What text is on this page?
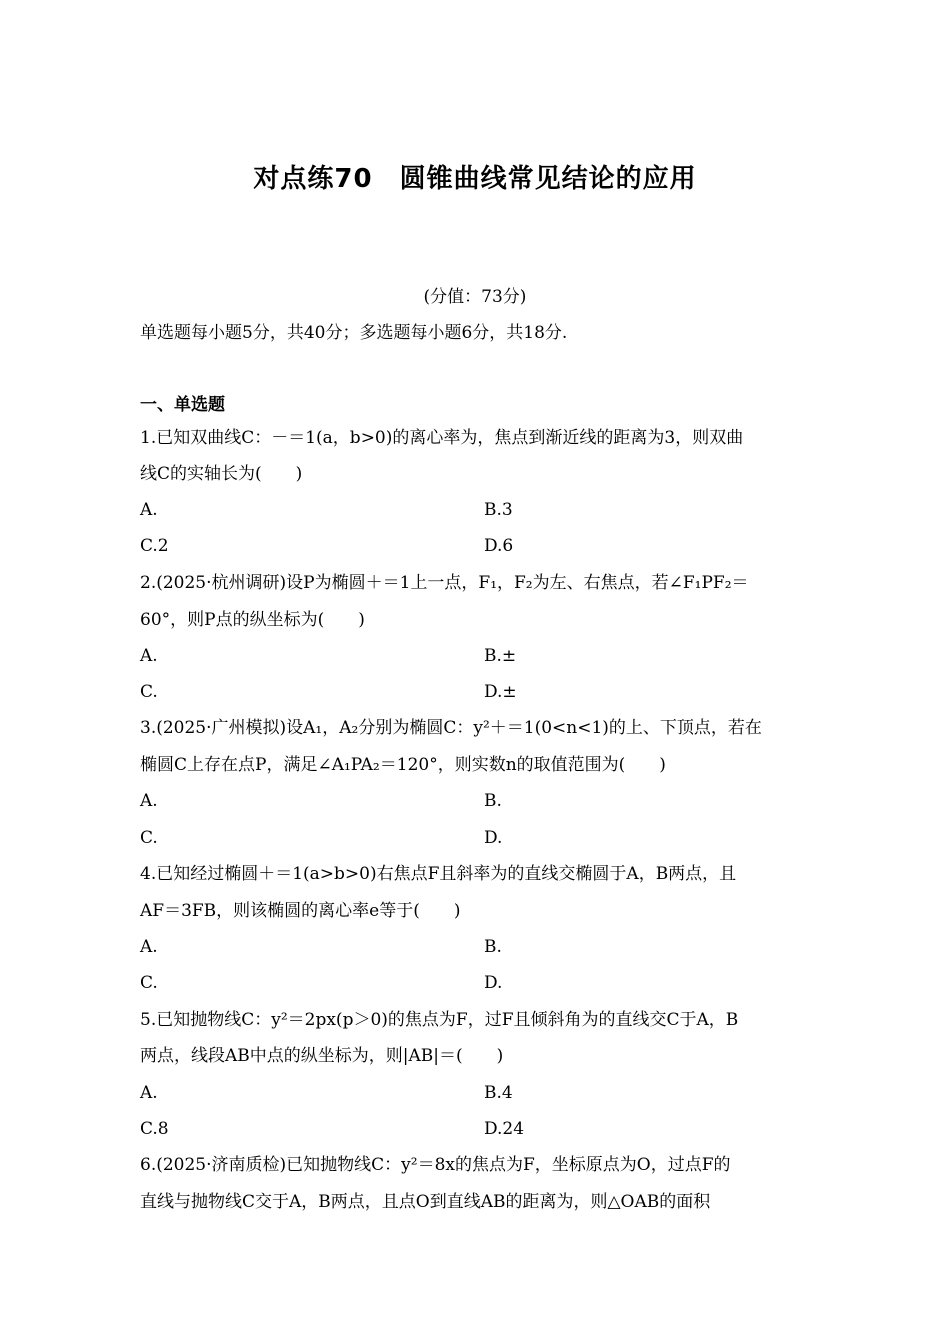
对点练70　圆锥曲线常见结论的应用
(分值：73分)
单选题每小题5分，共40分；多选题每小题6分，共18分.
一、单选题
1.已知双曲线C：－＝1(a，b>0)的离心率为，焦点到渐近线的距离为3，则双曲
线C的实轴长为(　　)
A.	B.3
C.2	D.6
2.(2025·杭州调研)设P为椭圆＋＝1上一点，F₁，F₂为左、右焦点，若∠F₁PF₂＝
60°，则P点的纵坐标为(　　)
A.	B.±
C.	D.±
3.(2025·广州模拟)设A₁，A₂分别为椭圆C：y²＋＝1(0<n<1)的上、下顶点，若在
椭圆C上存在点P，满足∠A₁PA₂＝120°，则实数n的取值范围为(　　)
A.	B.
C.	D.
4.已知经过椭圆＋＝1(a>b>0)右焦点F且斜率为的直线交椭圆于A，B两点，且
AF＝3FB，则该椭圆的离心率e等于(　　)
A.	B.
C.	D.
5.已知抛物线C：y²＝2px(p＞0)的焦点为F，过F且倾斜角为的直线交C于A，B
两点，线段AB中点的纵坐标为，则|AB|＝(　　)
A.	B.4
C.8	D.24
6.(2025·济南质检)已知抛物线C：y²＝8x的焦点为F，坐标原点为O，过点F的
直线与抛物线C交于A，B两点，且点O到直线AB的距离为，则△OAB的面积
